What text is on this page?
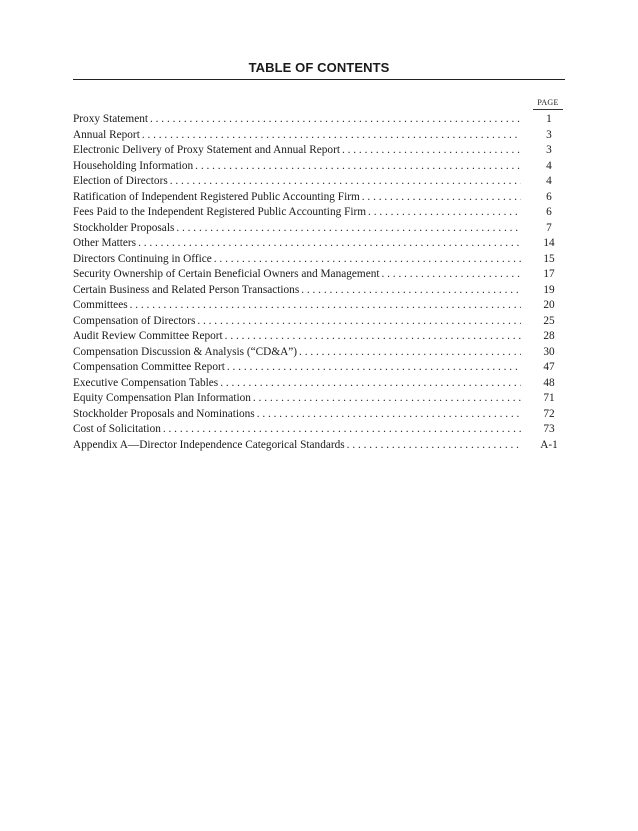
TABLE OF CONTENTS
PAGE
Proxy Statement . . .	1
Annual Report . . .	3
Electronic Delivery of Proxy Statement and Annual Report . . .	3
Householding Information . . .	4
Election of Directors . . .	4
Ratification of Independent Registered Public Accounting Firm . . .	6
Fees Paid to the Independent Registered Public Accounting Firm . . .	6
Stockholder Proposals . . .	7
Other Matters . . .	14
Directors Continuing in Office . . .	15
Security Ownership of Certain Beneficial Owners and Management . . .	17
Certain Business and Related Person Transactions . . .	19
Committees . . .	20
Compensation of Directors . . .	25
Audit Review Committee Report . . .	28
Compensation Discussion & Analysis (“CD&A”) . . .	30
Compensation Committee Report . . .	47
Executive Compensation Tables . . .	48
Equity Compensation Plan Information . . .	71
Stockholder Proposals and Nominations . . .	72
Cost of Solicitation . . .	73
Appendix A—Director Independence Categorical Standards . . .	A-1
